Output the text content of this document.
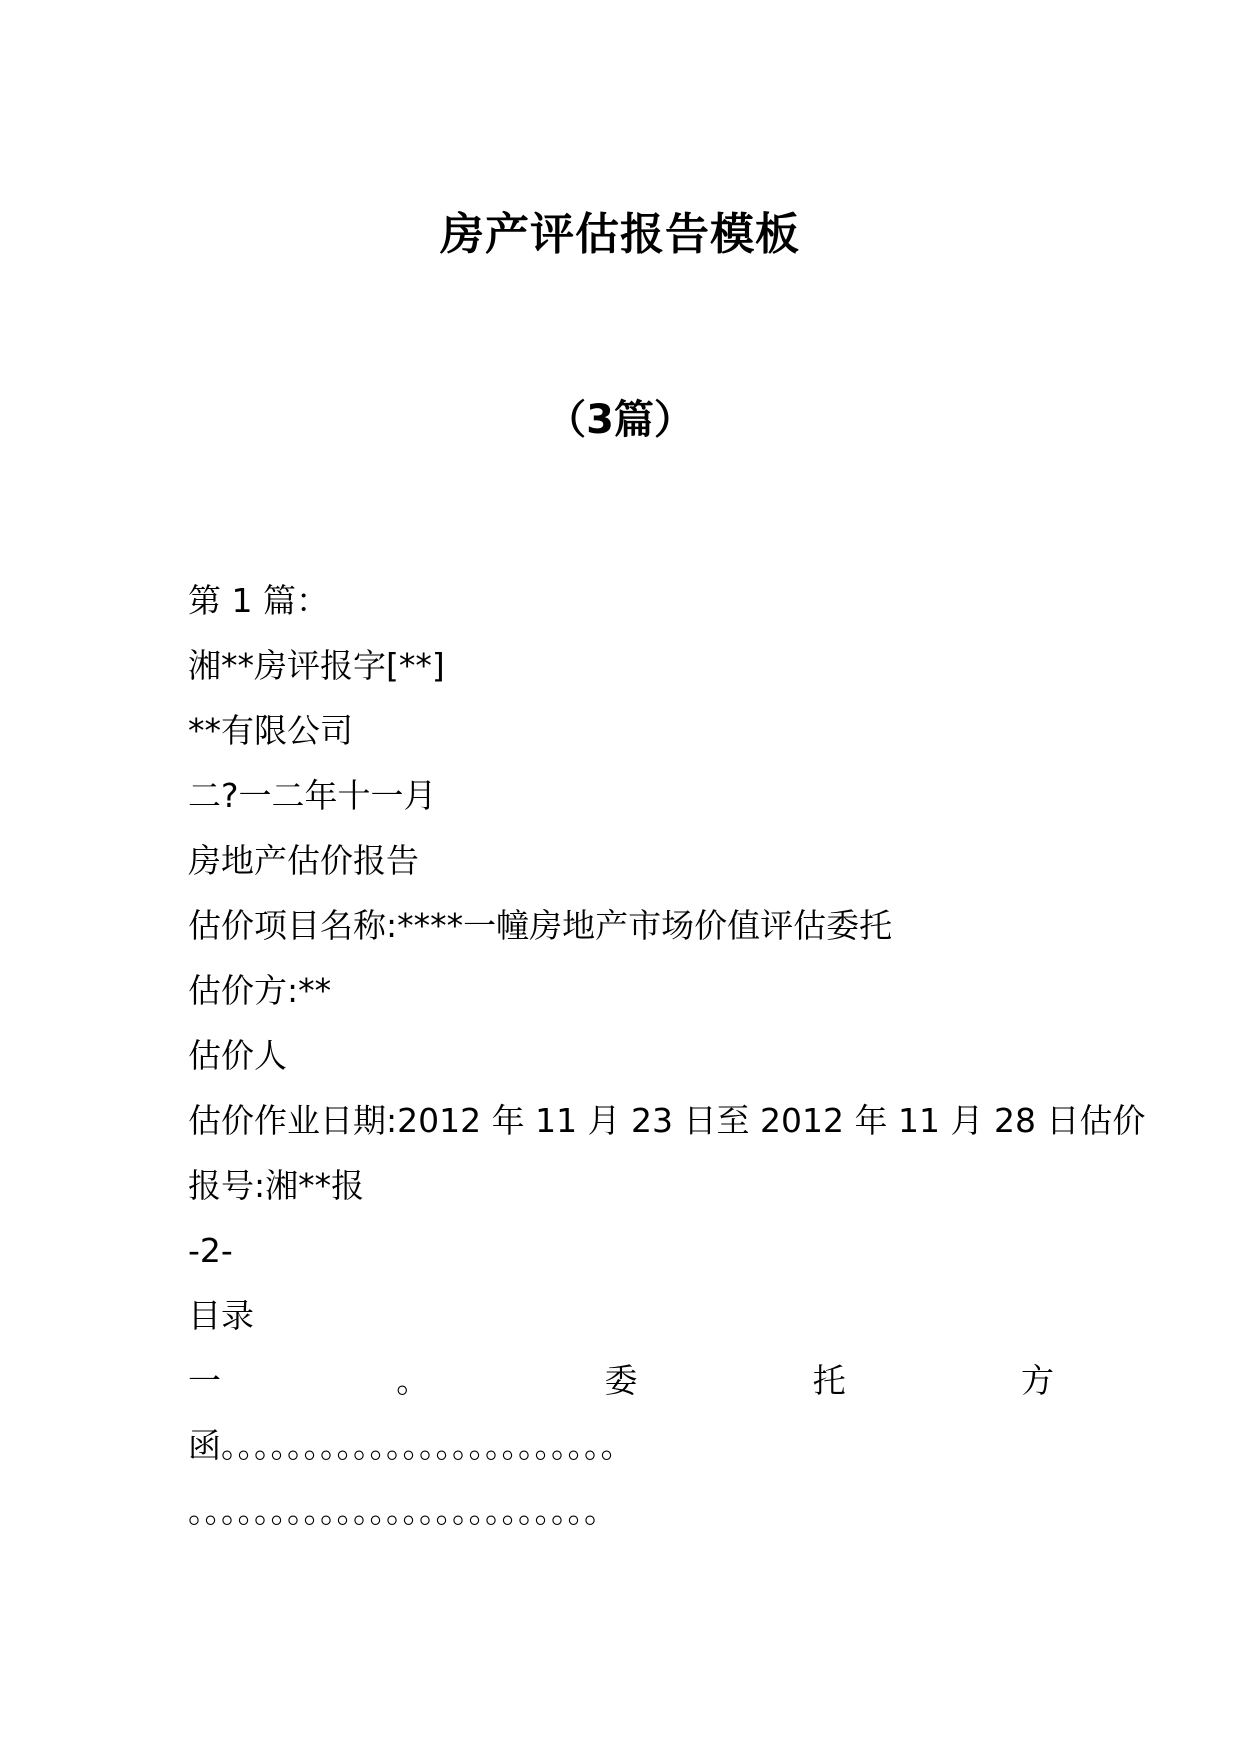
房产评估报告模板
（3篇）
第 1 篇：
湘**房评报字[**]
**有限公司
二?一二年十一月
房地产估价报告
估价项目名称:****一幢房地产市场价值评估委托
估价方:**
估价人
估价作业日期:2012 年 11 月 23 日至 2012 年 11 月 28 日估价
报号:湘**报
-2-
目录
一	。	委	托	方
函。。。。。。。。。。。。。。。。。。。。。。。。
。。。。。。。。。。。。。。。。。。。。。。。。。
